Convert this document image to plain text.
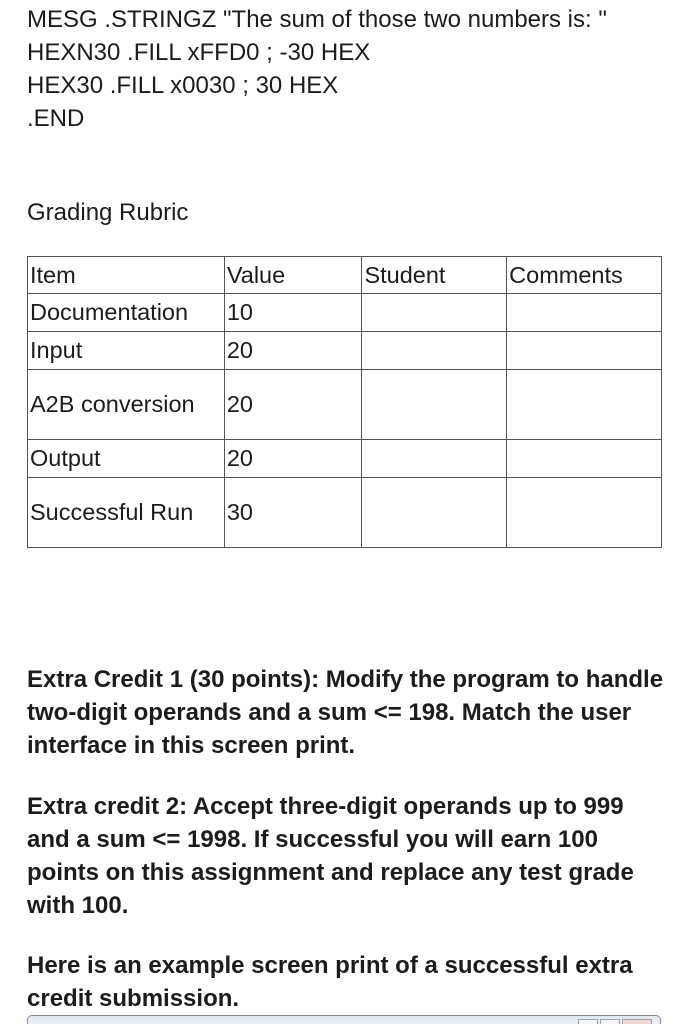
MESG .STRINGZ "The sum of those two numbers is: "
HEXN30 .FILL xFFD0 ; -30 HEX
HEX30 .FILL x0030 ; 30 HEX
.END
Grading Rubric
Item	Value	Student	Comments
Documentation	10		
Input	20		
A2B conversion	20		
Output	20		
Successful Run	30		

Extra Credit 1 (30 points): Modify the program to handle two-digit operands and a sum <= 198. Match the user interface in this screen print.

Extra credit 2: Accept three-digit operands up to 999 and a sum <= 1998. If successful you will earn 100 points on this assignment and replace any test grade with 100.

Here is an example screen print of a successful extra credit submission.
